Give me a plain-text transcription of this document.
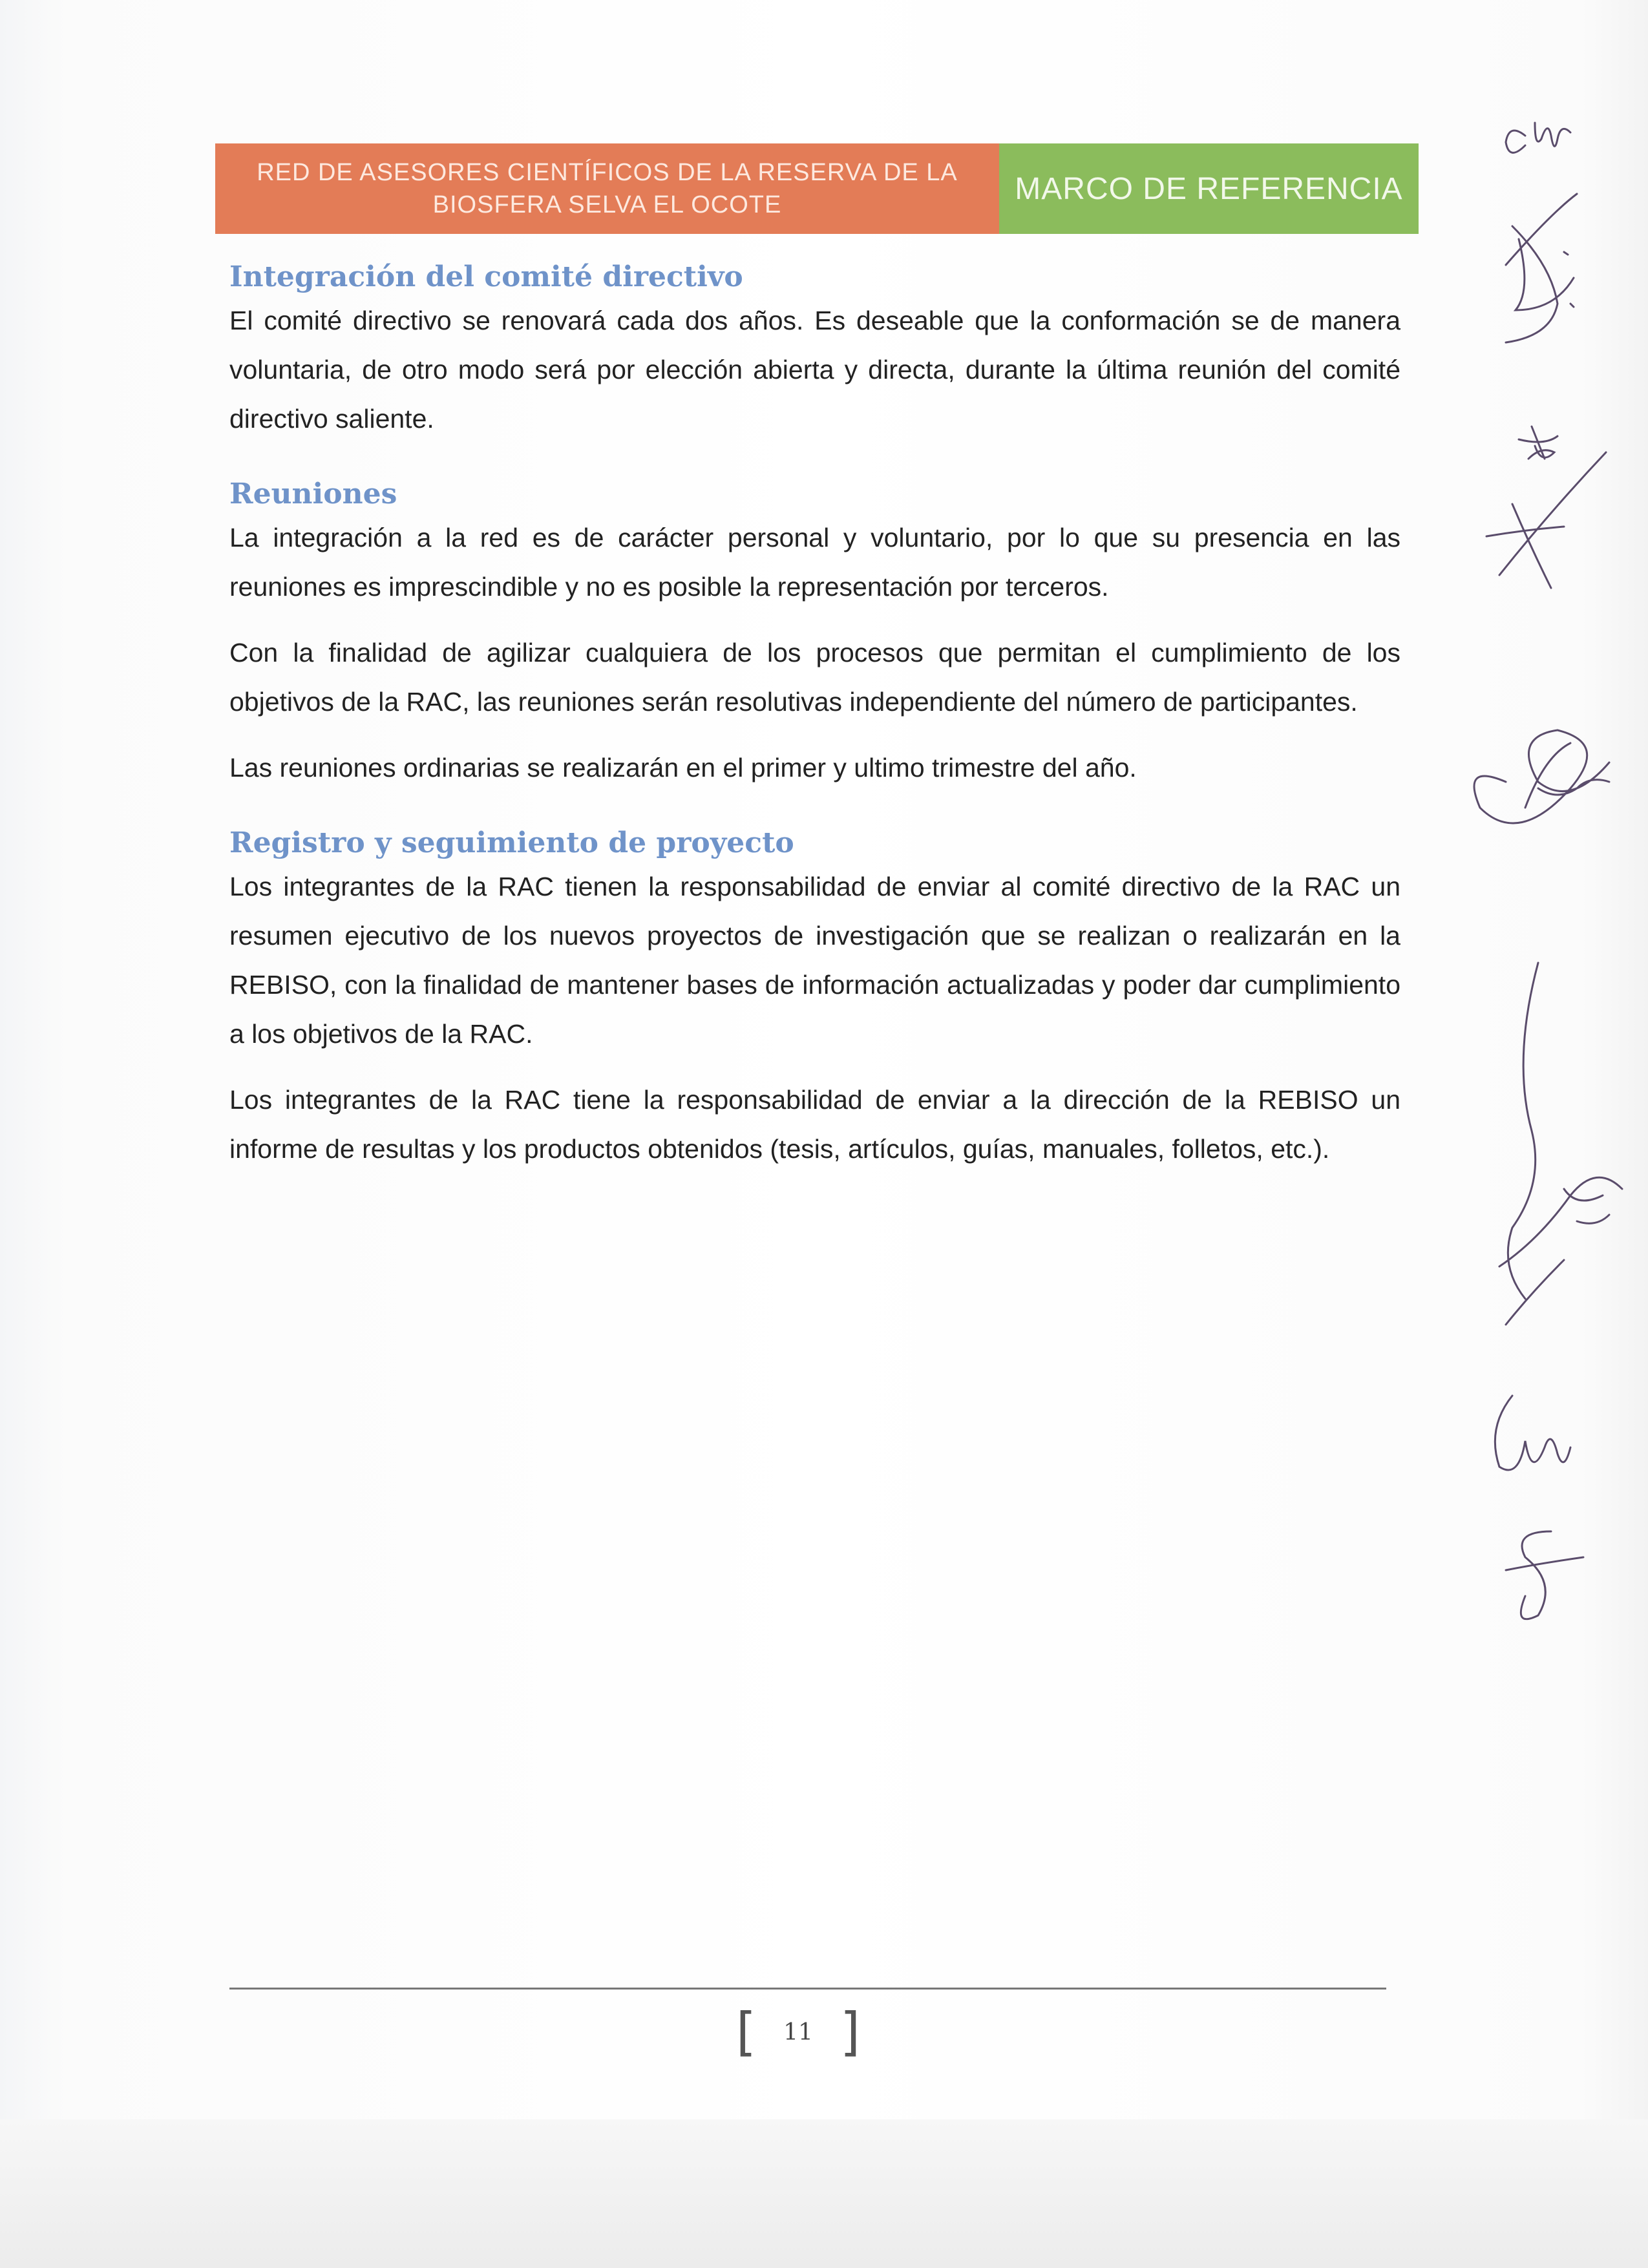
RED DE ASESORES CIENTÍFICOS DE LA RESERVA DE LA
BIOSFERA SELVA EL OCOTE	MARCO DE REFERENCIA
Integración del comité directivo

El comité directivo se renovará cada dos años. Es deseable que la conformación se de manera voluntaria, de otro modo será por elección abierta y directa, durante la última reunión del comité directivo saliente.

Reuniones

La integración a la red es de carácter personal y voluntario, por lo que su presencia en las reuniones es imprescindible y no es posible la representación por terceros.

Con la finalidad de agilizar cualquiera de los procesos que permitan el cumplimiento de los objetivos de la RAC, las reuniones serán resolutivas independiente del número de participantes.

Las reuniones ordinarias se realizarán en el primer y ultimo trimestre del año.

Registro y seguimiento de proyecto

Los integrantes de la RAC tienen la responsabilidad de enviar al comité directivo de la RAC un resumen ejecutivo de los nuevos proyectos de investigación que se realizan o realizarán en la REBISO, con la finalidad de mantener bases de información actualizadas y poder dar cumplimiento a los objetivos de la RAC.

Los integrantes de la RAC tiene la responsabilidad de enviar a la dirección de la REBISO un informe de resultas y los productos obtenidos (tesis, artículos, guías, manuales, folletos, etc.).

[ 11 ]
